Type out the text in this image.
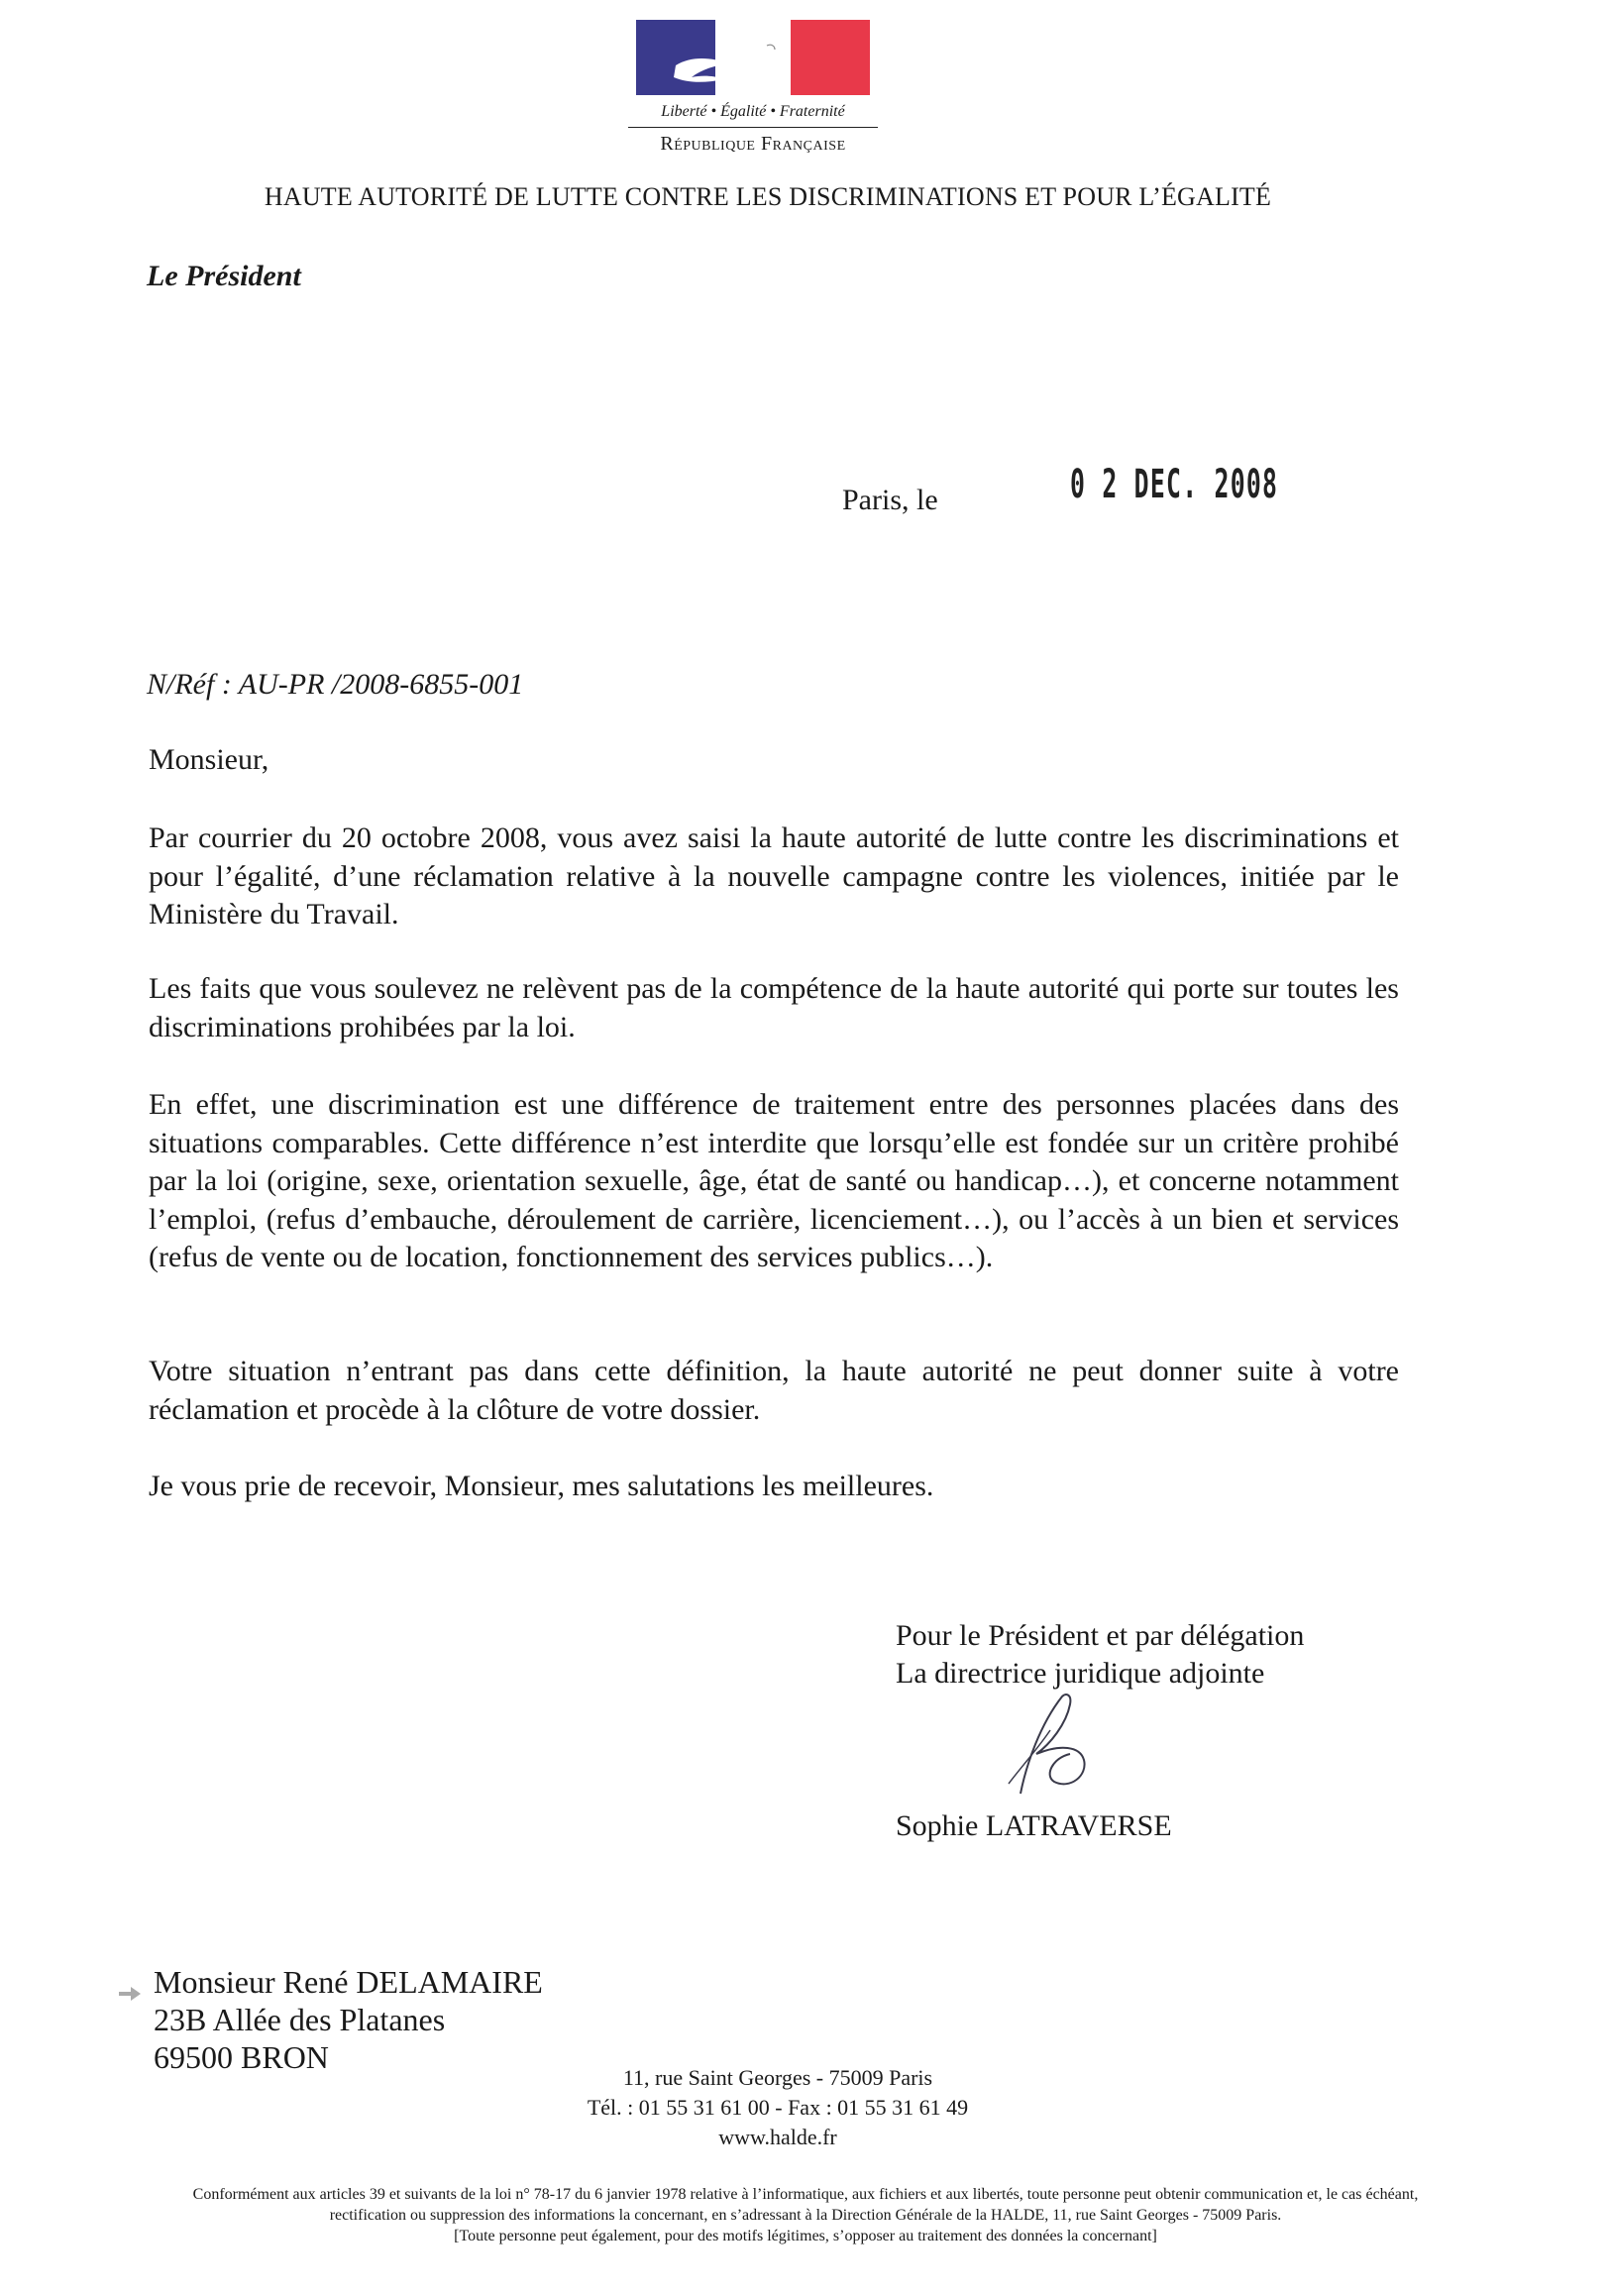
Liberté • Égalité • Fraternité
République Française
HAUTE AUTORITÉ DE LUTTE CONTRE LES DISCRIMINATIONS ET POUR L’ÉGALITÉ
Le Président
Paris, le	0 2 DEC. 2008
N/Réf : AU-PR /2008-6855-001
Monsieur,
Par courrier du 20 octobre 2008, vous avez saisi la haute autorité de lutte contre les discriminations et pour l’égalité, d’une réclamation relative à la nouvelle campagne contre les violences, initiée par le Ministère du Travail.
Les faits que vous soulevez ne relèvent pas de la compétence de la haute autorité qui porte sur toutes les discriminations prohibées par la loi.
En effet, une discrimination est une différence de traitement entre des personnes placées dans des situations comparables. Cette différence n’est interdite que lorsqu’elle est fondée sur un critère prohibé par la loi (origine, sexe, orientation sexuelle, âge, état de santé ou handicap…), et concerne notamment l’emploi, (refus d’embauche, déroulement de carrière, licenciement…), ou l’accès à un bien et services (refus de vente ou de location, fonctionnement des services publics…).
Votre situation n’entrant pas dans cette définition, la haute autorité ne peut donner suite à votre réclamation et procède à la clôture de votre dossier.
Je vous prie de recevoir, Monsieur, mes salutations les meilleures.
Pour le Président et par délégation
La directrice juridique adjointe
Sophie LATRAVERSE
Monsieur René DELAMAIRE
23B Allée des Platanes
69500 BRON
11, rue Saint Georges - 75009 Paris
Tél. : 01 55 31 61 00 - Fax : 01 55 31 61 49
www.halde.fr
Conformément aux articles 39 et suivants de la loi n° 78-17 du 6 janvier 1978 relative à l’informatique, aux fichiers et aux libertés, toute personne peut obtenir communication et, le cas échéant,
rectification ou suppression des informations la concernant, en s’adressant à la Direction Générale de la HALDE, 11, rue Saint Georges - 75009 Paris.
[Toute personne peut également, pour des motifs légitimes, s’opposer au traitement des données la concernant]
